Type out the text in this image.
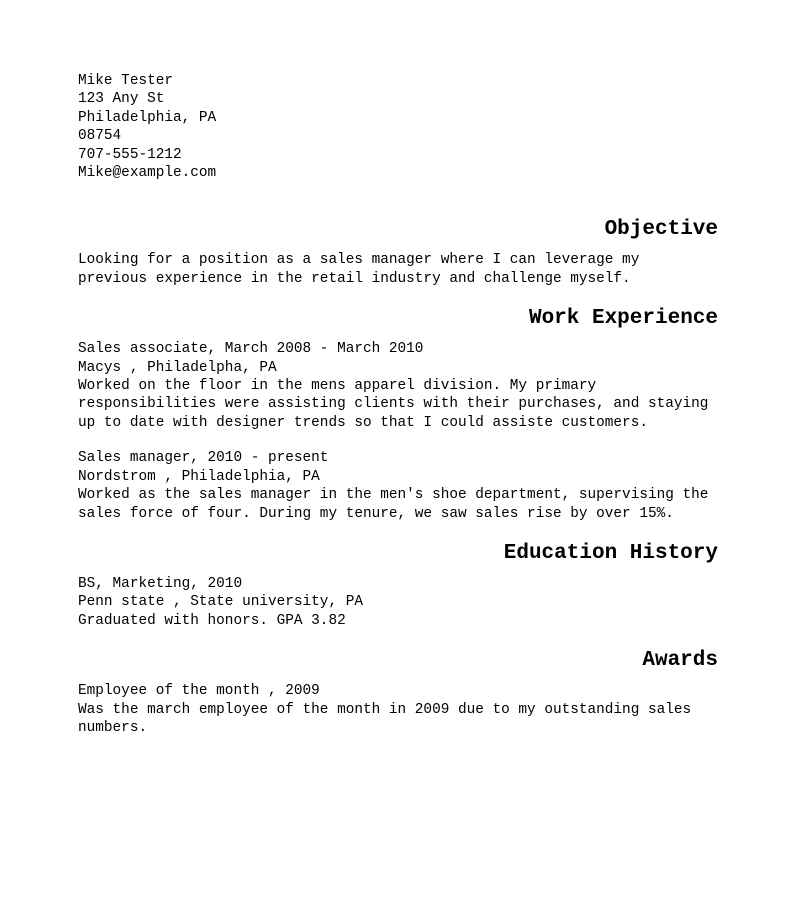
Mike Tester
123 Any St
Philadelphia, PA
08754
707-555-1212
Mike@example.com
Objective
Looking for a position as a sales manager where I can leverage my
previous experience in the retail industry and challenge myself.
Work Experience
Sales associate, March 2008 - March 2010
Macys , Philadelpha, PA
Worked on the floor in the mens apparel division. My primary
responsibilities were assisting clients with their purchases, and staying
up to date with designer trends so that I could assiste customers.
Sales manager, 2010 - present
Nordstrom , Philadelphia, PA
Worked as the sales manager in the men's shoe department, supervising the
sales force of four. During my tenure, we saw sales rise by over 15%.
Education History
BS, Marketing, 2010
Penn state , State university, PA
Graduated with honors. GPA 3.82
Awards
Employee of the month , 2009
Was the march employee of the month in 2009 due to my outstanding sales
numbers.
